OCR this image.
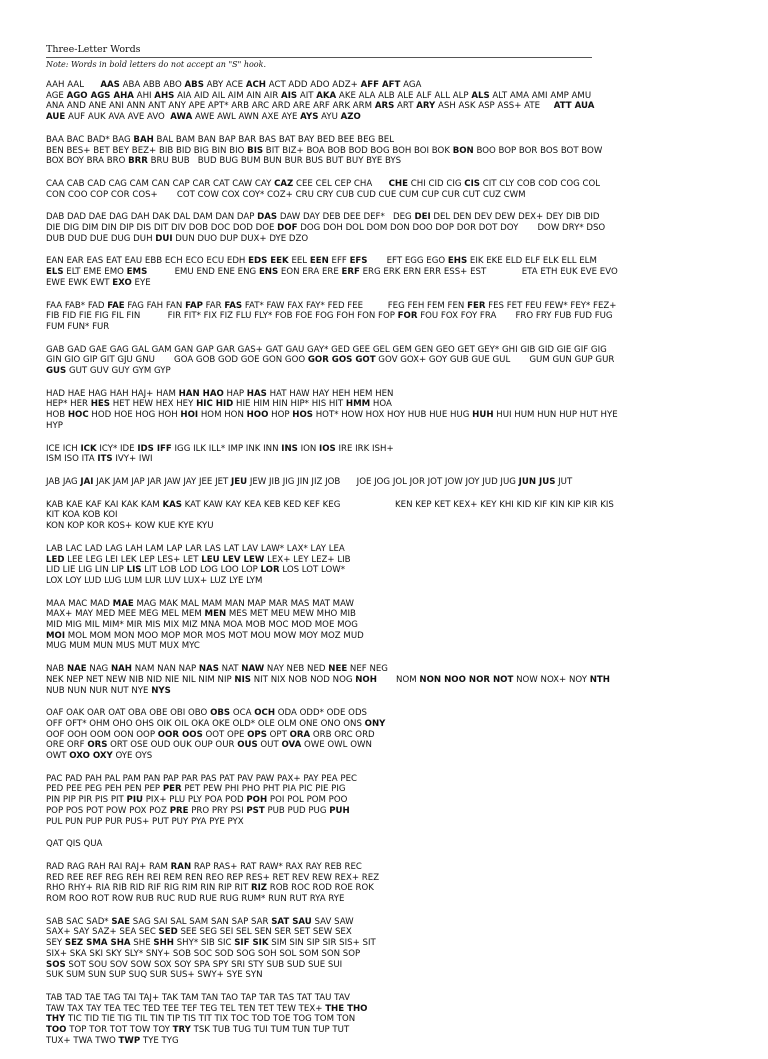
Three-Letter Words
Note: Words in bold letters do not accept an "S" hook.
AAH AAL      AAS ABA ABB ABO ABS ABY ACE ACH ACT ADD ADO ADZ+ AFF AFT AGA
AGE AGO AGS AHA AHI AHS AIA AID AIL AIM AIN AIR AIS AIT AKA AKE ALA ALB ALE ALF ALL ALP ALS ALT AMA AMI AMP AMU
ANA AND ANE ANI ANN ANT ANY APE APT* ARB ARC ARD ARE ARF ARK ARM ARS ART ARY ASH ASK ASP ASS+ ATE     ATT AUA
AUE AUF AUK AVA AVE AVO  AWA AWE AWL AWN AXE AYE AYS AYU AZO
BAA BAC BAD* BAG BAH BAL BAM BAN BAP BAR BAS BAT BAY BED BEE BEG BEL
BEN BES+ BET BEY BEZ+ BIB BID BIG BIN BIO BIS BIT BIZ+ BOA BOB BOD BOG BOH BOI BOK BON BOO BOP BOR BOS BOT BOW
BOX BOY BRA BRO BRR BRU BUB   BUD BUG BUM BUN BUR BUS BUT BUY BYE BYS
CAA CAB CAD CAG CAM CAN CAP CAR CAT CAW CAY CAZ CEE CEL CEP CHA      CHE CHI CID CIG CIS CIT CLY COB COD COG COL
CON COO COP COR COS+       COT COW COX COY* COZ+ CRU CRY CUB CUD CUE CUM CUP CUR CUT CUZ CWM
DAB DAD DAE DAG DAH DAK DAL DAM DAN DAP DAS DAW DAY DEB DEE DEF*   DEG DEI DEL DEN DEV DEW DEX+ DEY DIB DID
DIE DIG DIM DIN DIP DIS DIT DIV DOB DOC DOD DOE DOF DOG DOH DOL DOM DON DOO DOP DOR DOT DOY       DOW DRY* DSO
DUB DUD DUE DUG DUH DUI DUN DUO DUP DUX+ DYE DZO
EAN EAR EAS EAT EAU EBB ECH ECO ECU EDH EDS EEK EEL EEN EFF EFS       EFT EGG EGO EHS EIK EKE ELD ELF ELK ELL ELM
ELS ELT EME EMO EMS          EMU END ENE ENG ENS EON ERA ERE ERF ERG ERK ERN ERR ESS+ EST             ETA ETH EUK EVE EVO
EWE EWK EWT EXO EYE
FAA FAB* FAD FAE FAG FAH FAN FAP FAR FAS FAT* FAW FAX FAY* FED FEE         FEG FEH FEM FEN FER FES FET FEU FEW* FEY* FEZ+
FIB FID FIE FIG FIL FIN          FIR FIT* FIX FIZ FLU FLY* FOB FOE FOG FOH FON FOP FOR FOU FOX FOY FRA       FRO FRY FUB FUD FUG
FUM FUN* FUR
GAB GAD GAE GAG GAL GAM GAN GAP GAR GAS+ GAT GAU GAY* GED GEE GEL GEM GEN GEO GET GEY* GHI GIB GID GIE GIF GIG
GIN GIO GIP GIT GJU GNU       GOA GOB GOD GOE GON GOO GOR GOS GOT GOV GOX+ GOY GUB GUE GUL       GUM GUN GUP GUR
GUS GUT GUV GUY GYM GYP
HAD HAE HAG HAH HAJ+ HAM HAN HAO HAP HAS HAT HAW HAY HEH HEM HEN
HEP* HER HES HET HEW HEX HEY HIC HID HIE HIM HIN HIP* HIS HIT HMM HOA
HOB HOC HOD HOE HOG HOH HOI HOM HON HOO HOP HOS HOT* HOW HOX HOY HUB HUE HUG HUH HUI HUM HUN HUP HUT HYE
HYP
ICE ICH ICK ICY* IDE IDS IFF IGG ILK ILL* IMP INK INN INS ION IOS IRE IRK ISH+
ISM ISO ITA ITS IVY+ IWI
JAB JAG JAI JAK JAM JAP JAR JAW JAY JEE JET JEU JEW JIB JIG JIN JIZ JOB      JOE JOG JOL JOR JOT JOW JOY JUD JUG JUN JUS JUT
KAB KAE KAF KAI KAK KAM KAS KAT KAW KAY KEA KEB KED KEF KEG                    KEN KEP KET KEX+ KEY KHI KID KIF KIN KIP KIR KIS
KIT KOA KOB KOI
KON KOP KOR KOS+ KOW KUE KYE KYU
LAB LAC LAD LAG LAH LAM LAP LAR LAS LAT LAV LAW* LAX* LAY LEA
LED LEE LEG LEI LEK LEP LES+ LET LEU LEV LEW LEX+ LEY LEZ+ LIB
LID LIE LIG LIN LIP LIS LIT LOB LOD LOG LOO LOP LOR LOS LOT LOW*
LOX LOY LUD LUG LUM LUR LUV LUX+ LUZ LYE LYM
MAA MAC MAD MAE MAG MAK MAL MAM MAN MAP MAR MAS MAT MAW
MAX+ MAY MED MEE MEG MEL MEM MEN MES MET MEU MEW MHO MIB
MID MIG MIL MIM* MIR MIS MIX MIZ MNA MOA MOB MOC MOD MOE MOG
MOI MOL MOM MON MOO MOP MOR MOS MOT MOU MOW MOY MOZ MUD
MUG MUM MUN MUS MUT MUX MYC
NAB NAE NAG NAH NAM NAN NAP NAS NAT NAW NAY NEB NED NEE NEF NEG
NEK NEP NET NEW NIB NID NIE NIL NIM NIP NIS NIT NIX NOB NOD NOG NOH       NOM NON NOO NOR NOT NOW NOX+ NOY NTH
NUB NUN NUR NUT NYE NYS
OAF OAK OAR OAT OBA OBE OBI OBO OBS OCA OCH ODA ODD* ODE ODS
OFF OFT* OHM OHO OHS OIK OIL OKA OKE OLD* OLE OLM ONE ONO ONS ONY
OOF OOH OOM OON OOP OOR OOS OOT OPE OPS OPT ORA ORB ORC ORD
ORE ORF ORS ORT OSE OUD OUK OUP OUR OUS OUT OVA OWE OWL OWN
OWT OXO OXY OYE OYS
PAC PAD PAH PAL PAM PAN PAP PAR PAS PAT PAV PAW PAX+ PAY PEA PEC
PED PEE PEG PEH PEN PEP PER PET PEW PHI PHO PHT PIA PIC PIE PIG
PIN PIP PIR PIS PIT PIU PIX+ PLU PLY POA POD POH POI POL POM POO
POP POS POT POW POX POZ PRE PRO PRY PSI PST PUB PUD PUG PUH
PUL PUN PUP PUR PUS+ PUT PUY PYA PYE PYX
QAT QIS QUA
RAD RAG RAH RAI RAJ+ RAM RAN RAP RAS+ RAT RAW* RAX RAY REB REC
RED REE REF REG REH REI REM REN REO REP RES+ RET REV REW REX+ REZ
RHO RHY+ RIA RIB RID RIF RIG RIM RIN RIP RIT RIZ ROB ROC ROD ROE ROK
ROM ROO ROT ROW RUB RUC RUD RUE RUG RUM* RUN RUT RYA RYE
SAB SAC SAD* SAE SAG SAI SAL SAM SAN SAP SAR SAT SAU SAV SAW
SAX+ SAY SAZ+ SEA SEC SED SEE SEG SEI SEL SEN SER SET SEW SEX
SEY SEZ SMA SHA SHE SHH SHY* SIB SIC SIF SIK SIM SIN SIP SIR SIS+ SIT
SIX+ SKA SKI SKY SLY* SNY+ SOB SOC SOD SOG SOH SOL SOM SON SOP
SOS SOT SOU SOV SOW SOX SOY SPA SPY SRI STY SUB SUD SUE SUI
SUK SUM SUN SUP SUQ SUR SUS+ SWY+ SYE SYN
TAB TAD TAE TAG TAI TAJ+ TAK TAM TAN TAO TAP TAR TAS TAT TAU TAV
TAW TAX TAY TEA TEC TED TEE TEF TEG TEL TEN TET TEW TEX+ THE THO
THY TIC TID TIE TIG TIL TIN TIP TIS TIT TIX TOC TOD TOE TOG TOM TON
TOO TOP TOR TOT TOW TOY TRY TSK TUB TUG TUI TUM TUN TUP TUT
TUX+ TWA TWO TWP TYE TYG
